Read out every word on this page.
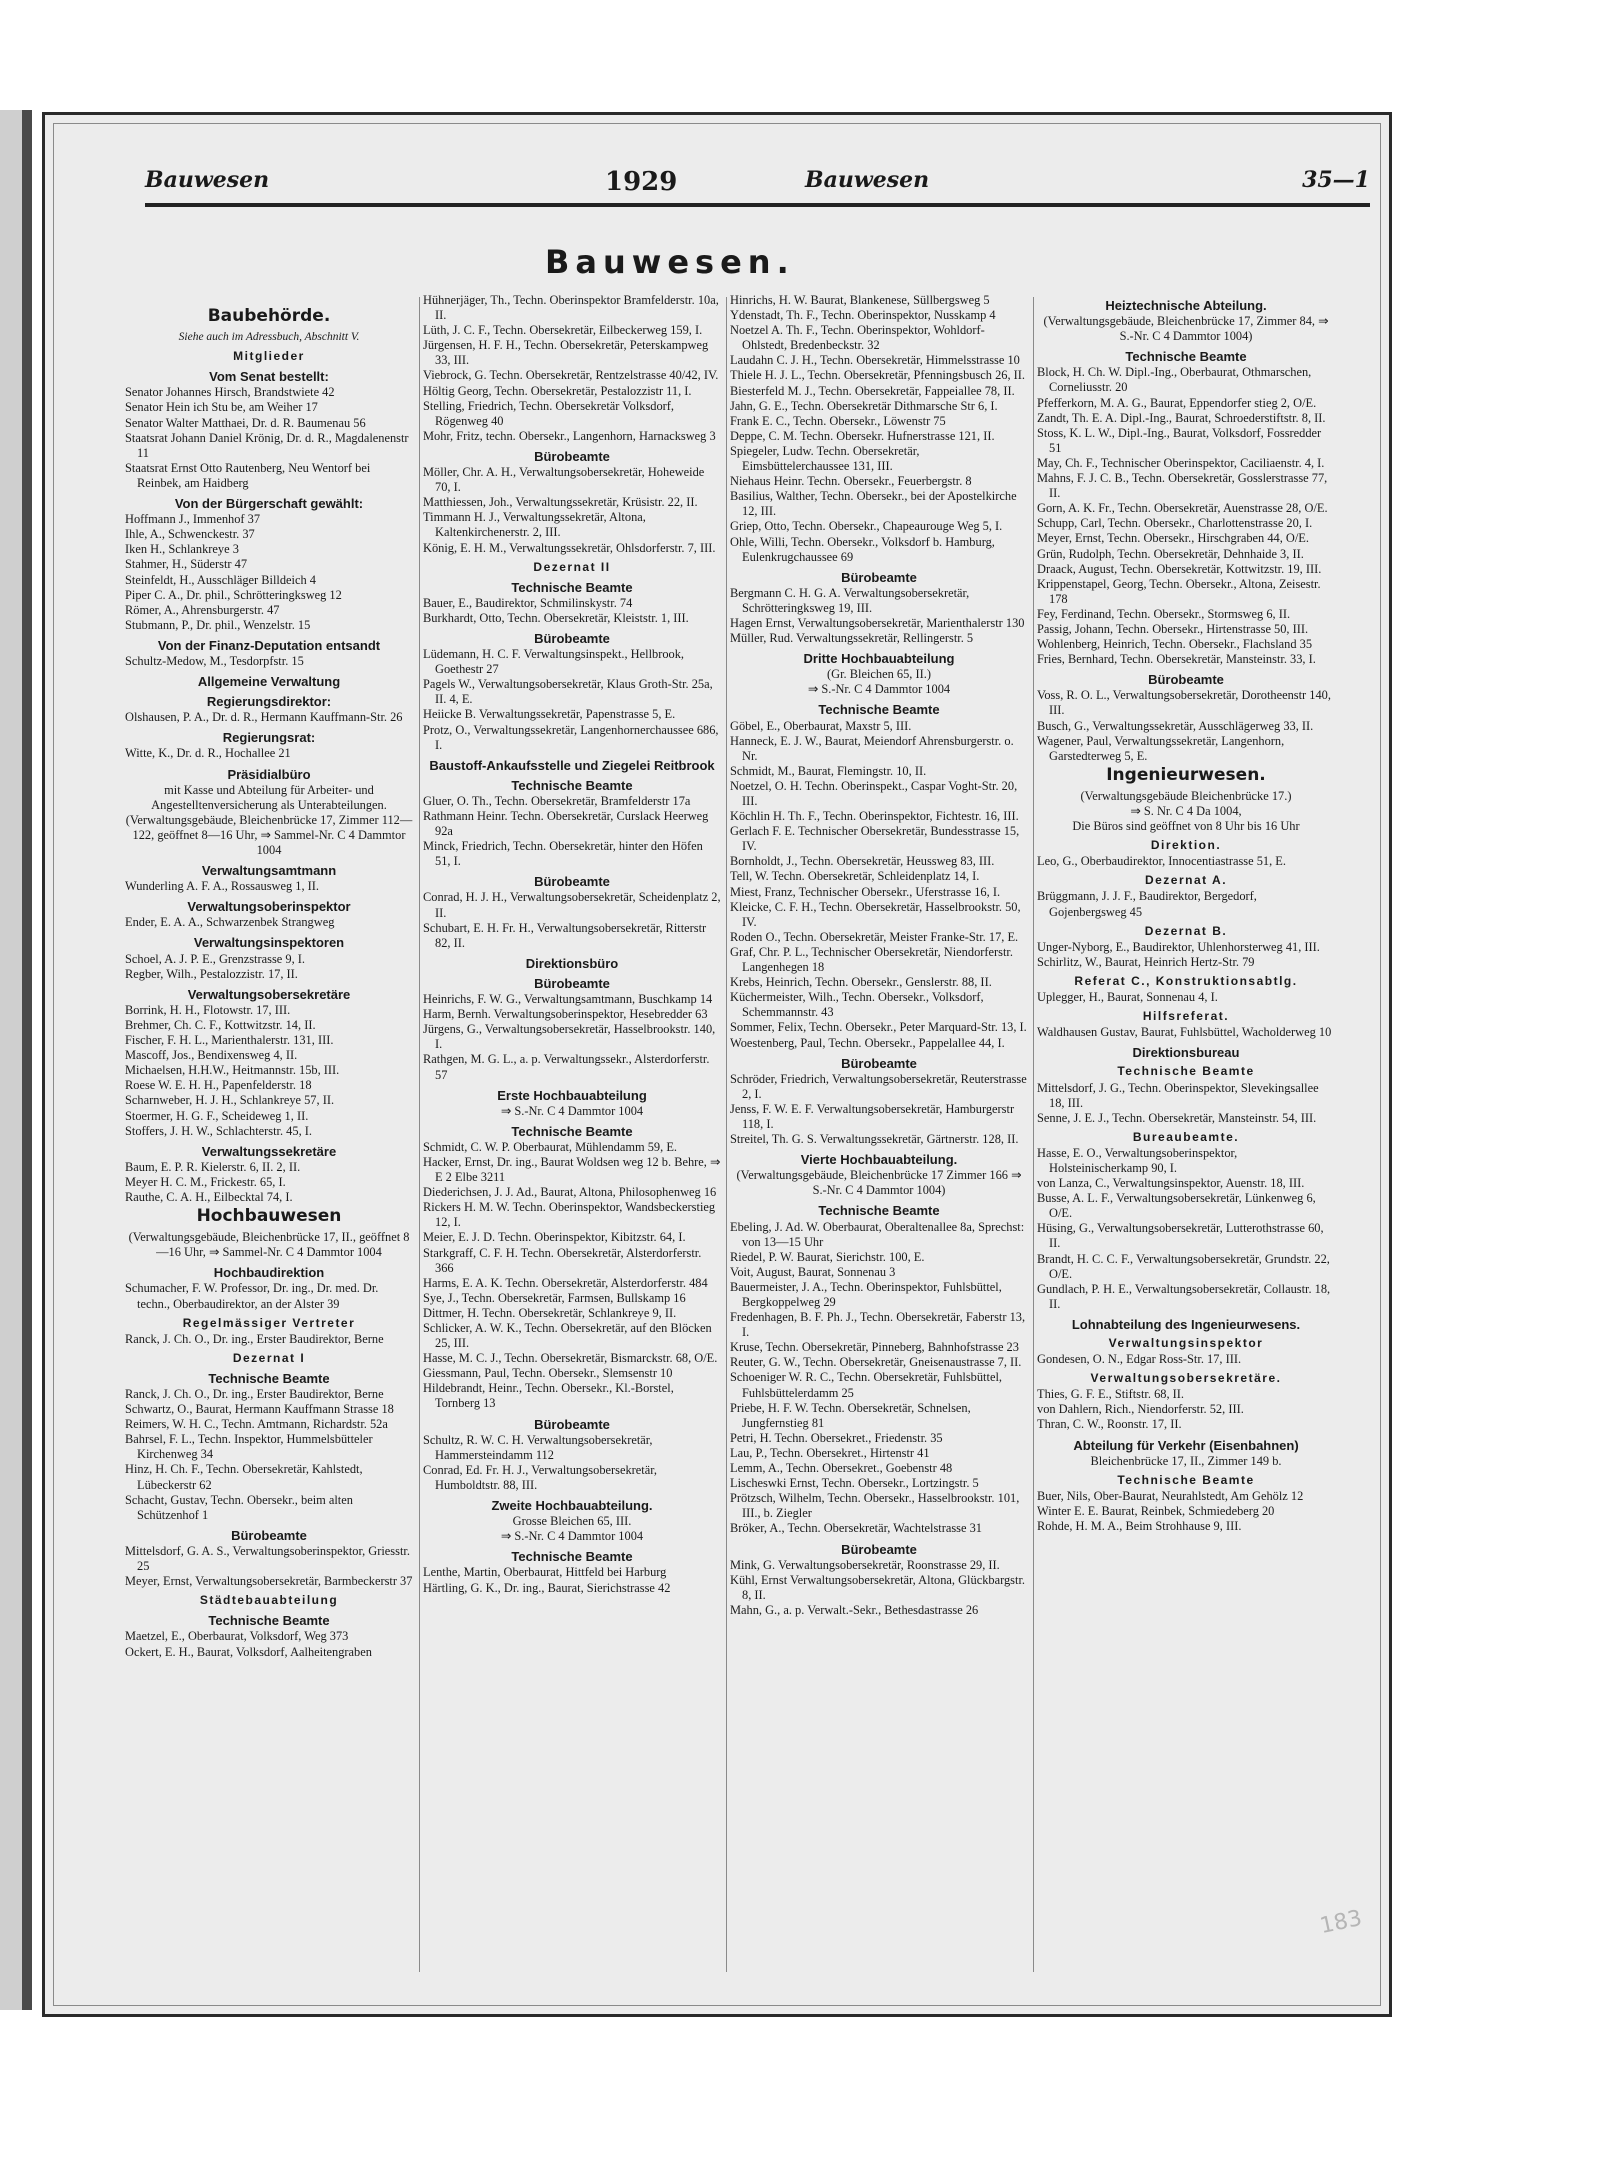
Bauwesen	1929	Bauwesen	35—1
Bauwesen.
Baubehörde.
Siehe auch im Adressbuch, Abschnitt V.
Mitglieder
Vom Senat bestellt:
Senator Johannes Hirsch, Brandstwiete 42
Senator Hein ich Stu be, am Weiher 17
Senator Walter Matthaei, Dr. d. R. Baumenau 56
Staatsrat Johann Daniel Krönig, Dr. d. R., Magdalenenstr 11
Staatsrat Ernst Otto Rautenberg, Neu Wentorf bei Reinbek, am Haidberg
Von der Bürgerschaft gewählt:
Hoffmann J., Immenhof 37
Ihle, A., Schwenckestr. 37
Iken H., Schlankreye 3
Stahmer, H., Süderstr 47
Steinfeldt, H., Ausschläger Billdeich 4
Piper C. A., Dr. phil., Schrötteringksweg 12
Römer, A., Ahrensburgerstr. 47
Stubmann, P., Dr. phil., Wenzelstr. 15
Von der Finanz-Deputation entsandt
Schultz-Medow, M., Tesdorpfstr. 15
Allgemeine Verwaltung
Regierungsdirektor:
Olshausen, P. A., Dr. d. R., Hermann Kauffmann-Str. 26
Regierungsrat:
Witte, K., Dr. d. R., Hochallee 21
Präsidialbüro
mit Kasse und Abteilung für Arbeiter- und Angestelltenversicherung als Unterabteilungen.
(Verwaltungsgebäude, Bleichenbrücke 17, Zimmer 112—122, geöffnet 8—16 Uhr, ⇒ Sammel-Nr. C 4 Dammtor 1004
Verwaltungsamtmann
Wunderling A. F. A., Rossausweg 1, II.
Verwaltungsoberinspektor
Ender, E. A. A., Schwarzenbek Strangweg
Verwaltungsinspektoren
Schoel, A. J. P. E., Grenzstrasse 9, I.
Regber, Wilh., Pestalozzistr. 17, II.
Verwaltungsobersekretäre
Borrink, H. H., Flotowstr. 17, III.
Brehmer, Ch. C. F., Kottwitzstr. 14, II.
Fischer, F. H. L., Marienthalerstr. 131, III.
Mascoff, Jos., Bendixensweg 4, II.
Michaelsen, H.H.W., Heitmannstr. 15b, III.
Roese W. E. H. H., Papenfelderstr. 18
Scharnweber, H. J. H., Schlankreye 57, II.
Stoermer, H. G. F., Scheideweg 1, II.
Stoffers, J. H. W., Schlachterstr. 45, I.
Verwaltungssekretäre
Baum, E. P. R. Kielerstr. 6, II. 2, II.
Meyer H. C. M., Frickestr. 65, I.
Rauthe, C. A. H., Eilbecktal 74, I.
Hochbauwesen
(Verwaltungsgebäude, Bleichenbrücke 17, II., geöffnet 8—16 Uhr, ⇒ Sammel-Nr. C 4 Dammtor 1004
Hochbaudirektion
Schumacher, F. W. Professor, Dr. ing., Dr. med. Dr. techn., Oberbaudirektor, an der Alster 39
Regelmässiger Vertreter
Ranck, J. Ch. O., Dr. ing., Erster Baudirektor, Berne
Dezernat I
Technische Beamte
Ranck, J. Ch. O., Dr. ing., Erster Baudirektor, Berne
Schwartz, O., Baurat, Hermann Kauffmann Strasse 18
Reimers, W. H. C., Techn. Amtmann, Richardstr. 52a
Bahrsel, F. L., Techn. Inspektor, Hummelsbütteler Kirchenweg 34
Hinz, H. Ch. F., Techn. Obersekretär, Kahlstedt, Lübeckerstr 62
Schacht, Gustav, Techn. Obersekr., beim alten Schützenhof 1
Bürobeamte
Mittelsdorf, G. A. S., Verwaltungsoberinspektor, Griesstr. 25
Meyer, Ernst, Verwaltungsobersekretär, Barmbeckerstr 37
Städtebauabteilung
Technische Beamte
Maetzel, E., Oberbaurat, Volksdorf, Weg 373
Ockert, E. H., Baurat, Volksdorf, Aalheitengraben
Hühnerjäger, Th., Techn. Oberinspektor Bramfelderstr. 10a, II.
Lüth, J. C. F., Techn. Obersekretär, Eilbeckerweg 159, I.
Jürgensen, H. F. H., Techn. Obersekretär, Peterskampweg 33, III.
Viebrock, G. Techn. Obersekretär, Rentzelstrasse 40/42, IV.
Höltig Georg, Techn. Obersekretär, Pestalozzistr 11, I.
Stelling, Friedrich, Techn. Obersekretär Volksdorf, Rögenweg 40
Mohr, Fritz, techn. Obersekr., Langenhorn, Harnacksweg 3
Bürobeamte
Möller, Chr. A. H., Verwaltungsobersekretär, Hoheweide 70, I.
Matthiessen, Joh., Verwaltungssekretär, Krüsistr. 22, II.
Timmann H. J., Verwaltungssekretär, Altona, Kaltenkirchenerstr. 2, III.
König, E. H. M., Verwaltungssekretär, Ohlsdorferstr. 7, III.
Dezernat II
Technische Beamte
Bauer, E., Baudirektor, Schmilinskystr. 74
Burkhardt, Otto, Techn. Obersekretär, Kleiststr. 1, III.
Bürobeamte
Lüdemann, H. C. F. Verwaltungsinspekt., Hellbrook, Goethestr 27
Pagels W., Verwaltungsobersekretär, Klaus Groth-Str. 25a, II. 4, E.
Heiicke B. Verwaltungssekretär, Papenstrasse 5, E.
Protz, O., Verwaltungssekretär, Langenhornerchaussee 686, I.
Baustoff-Ankaufsstelle und Ziegelei Reitbrook
Technische Beamte
Gluer, O. Th., Techn. Obersekretär, Bramfelderstr 17a
Rathmann Heinr. Techn. Obersekretär, Curslack Heerweg 92a
Minck, Friedrich, Techn. Obersekretär, hinter den Höfen 51, I.
Bürobeamte
Conrad, H. J. H., Verwaltungsobersekretär, Scheidenplatz 2, II.
Schubart, E. H. Fr. H., Verwaltungsobersekretär, Ritterstr 82, II.
Direktionsbüro
Bürobeamte
Heinrichs, F. W. G., Verwaltungsamtmann, Buschkamp 14
Harm, Bernh. Verwaltungsoberinspektor, Hesebredder 63
Jürgens, G., Verwaltungsobersekretär, Hasselbrookstr. 140, I.
Rathgen, M. G. L., a. p. Verwaltungssekr., Alsterdorferstr. 57
Erste Hochbauabteilung
⇒ S.-Nr. C 4 Dammtor 1004
Technische Beamte
Schmidt, C. W. P. Oberbaurat, Mühlendamm 59, E.
Hacker, Ernst, Dr. ing., Baurat Woldsen weg 12 b. Behre, ⇒ E 2 Elbe 3211
Diederichsen, J. J. Ad., Baurat, Altona, Philosophenweg 16
Rickers H. M. W. Techn. Oberinspektor, Wandsbeckerstieg 12, I.
Meier, E. J. D. Techn. Oberinspektor, Kibitzstr. 64, I.
Starkgraff, C. F. H. Techn. Obersekretär, Alsterdorferstr. 366
Harms, E. A. K. Techn. Obersekretär, Alsterdorferstr. 484
Sye, J., Techn. Obersekretär, Farmsen, Bullskamp 16
Dittmer, H. Techn. Obersekretär, Schlankreye 9, II.
Schlicker, A. W. K., Techn. Obersekretär, auf den Blöcken 25, III.
Hasse, M. C. J., Techn. Obersekretär, Bismarckstr. 68, O/E.
Giessmann, Paul, Techn. Obersekr., Slemsenstr 10
Hildebrandt, Heinr., Techn. Obersekr., Kl.-Borstel, Tornberg 13
Bürobeamte
Schultz, R. W. C. H. Verwaltungsobersekretär, Hammersteindamm 112
Conrad, Ed. Fr. H. J., Verwaltungsobersekretär, Humboldtstr. 88, III.
Zweite Hochbauabteilung.
Grosse Bleichen 65, III.
⇒ S.-Nr. C 4 Dammtor 1004
Technische Beamte
Lenthe, Martin, Oberbaurat, Hittfeld bei Harburg
Härtling, G. K., Dr. ing., Baurat, Sierichstrasse 42
Hinrichs, H. W. Baurat, Blankenese, Süllbergsweg 5
Ydenstadt, Th. F., Techn. Oberinspektor, Nusskamp 4
Noetzel A. Th. F., Techn. Oberinspektor, Wohldorf-Ohlstedt, Bredenbeckstr. 32
Laudahn C. J. H., Techn. Obersekretär, Himmelsstrasse 10
Thiele H. J. L., Techn. Obersekretär, Pfenningsbusch 26, II.
Biesterfeld M. J., Techn. Obersekretär, Fappeiallee 78, II.
Jahn, G. E., Techn. Obersekretär Dithmarsche Str 6, I.
Frank E. C., Techn. Obersekr., Löwenstr 75
Deppe, C. M. Techn. Obersekr. Hufnerstrasse 121, II.
Spiegeler, Ludw. Techn. Obersekretär, Eimsbüttelerchaussee 131, III.
Niehaus Heinr. Techn. Obersekr., Feuerbergstr. 8
Basilius, Walther, Techn. Obersekr., bei der Apostelkirche 12, III.
Griep, Otto, Techn. Obersekr., Chapeaurouge Weg 5, I.
Ohle, Willi, Techn. Obersekr., Volksdorf b. Hamburg, Eulenkrugchaussee 69
Bürobeamte
Bergmann C. H. G. A. Verwaltungsobersekretär, Schrötteringksweg 19, III.
Hagen Ernst, Verwaltungsobersekretär, Marienthalerstr 130
Müller, Rud. Verwaltungssekretär, Rellingerstr. 5
Dritte Hochbauabteilung
(Gr. Bleichen 65, II.)
⇒ S.-Nr. C 4 Dammtor 1004
Technische Beamte
Göbel, E., Oberbaurat, Maxstr 5, III.
Hanneck, E. J. W., Baurat, Meiendorf Ahrensburgerstr. o. Nr.
Schmidt, M., Baurat, Flemingstr. 10, II.
Noetzel, O. H. Techn. Oberinspekt., Caspar Voght-Str. 20, III.
Köchlin H. Th. F., Techn. Oberinspektor, Fichtestr. 16, III.
Gerlach F. E. Technischer Obersekretär, Bundesstrasse 15, IV.
Bornholdt, J., Techn. Obersekretär, Heussweg 83, III.
Tell, W. Techn. Obersekretär, Schleidenplatz 14, I.
Miest, Franz, Technischer Obersekr., Uferstrasse 16, I.
Kleicke, C. F. H., Techn. Obersekretär, Hasselbrookstr. 50, IV.
Roden O., Techn. Obersekretär, Meister Franke-Str. 17, E.
Graf, Chr. P. L., Technischer Obersekretär, Niendorferstr. Langenhegen 18
Krebs, Heinrich, Techn. Obersekr., Genslerstr. 88, II.
Küchermeister, Wilh., Techn. Obersekr., Volksdorf, Schemmannstr. 43
Sommer, Felix, Techn. Obersekr., Peter Marquard-Str. 13, I.
Woestenberg, Paul, Techn. Obersekr., Pappelallee 44, I.
Bürobeamte
Schröder, Friedrich, Verwaltungsobersekretär, Reuterstrasse 2, I.
Jenss, F. W. E. F. Verwaltungsobersekretär, Hamburgerstr 118, I.
Streitel, Th. G. S. Verwaltungssekretär, Gärtnerstr. 128, II.
Vierte Hochbauabteilung.
(Verwaltungsgebäude, Bleichenbrücke 17 Zimmer 166 ⇒ S.-Nr. C 4 Dammtor 1004)
Technische Beamte
Ebeling, J. Ad. W. Oberbaurat, Oberaltenallee 8a, Sprechst: von 13—15 Uhr
Riedel, P. W. Baurat, Sierichstr. 100, E.
Voit, August, Baurat, Sonnenau 3
Bauermeister, J. A., Techn. Oberinspektor, Fuhlsbüttel, Bergkoppelweg 29
Fredenhagen, B. F. Ph. J., Techn. Obersekretär, Faberstr 13, I.
Kruse, Techn. Obersekretär, Pinneberg, Bahnhofstrasse 23
Reuter, G. W., Techn. Obersekretär, Gneisenaustrasse 7, II.
Schoeniger W. R. C., Techn. Obersekretär, Fuhlsbüttel, Fuhlsbüttelerdamm 25
Priebe, H. F. W. Techn. Obersekretär, Schnelsen, Jungfernstieg 81
Petri, H. Techn. Obersekret., Friedenstr. 35
Lau, P., Techn. Obersekret., Hirtenstr 41
Lemm, A., Techn. Obersekret., Goebenstr 48
Lischeswki Ernst, Techn. Obersekr., Lortzingstr. 5
Prötzsch, Wilhelm, Techn. Obersekr., Hasselbrookstr. 101, III., b. Ziegler
Bröker, A., Techn. Obersekretär, Wachtelstrasse 31
Bürobeamte
Mink, G. Verwaltungsobersekretär, Roonstrasse 29, II.
Kühl, Ernst Verwaltungsobersekretär, Altona, Glückbargstr. 8, II.
Mahn, G., a. p. Verwalt.-Sekr., Bethesdastrasse 26
Heiztechnische Abteilung.
(Verwaltungsgebäude, Bleichenbrücke 17, Zimmer 84, ⇒ S.-Nr. C 4 Dammtor 1004)
Technische Beamte
Block, H. Ch. W. Dipl.-Ing., Oberbaurat, Othmarschen, Corneliusstr. 20
Pfefferkorn, M. A. G., Baurat, Eppendorfer stieg 2, O/E.
Zandt, Th. E. A. Dipl.-Ing., Baurat, Schroederstiftstr. 8, II.
Stoss, K. L. W., Dipl.-Ing., Baurat, Volksdorf, Fossredder 51
May, Ch. F., Technischer Oberinspektor, Caciliaenstr. 4, I.
Mahns, F. J. C. B., Techn. Obersekretär, Gosslerstrasse 77, II.
Gorn, A. K. Fr., Techn. Obersekretär, Auenstrasse 28, O/E.
Schupp, Carl, Techn. Obersekr., Charlottenstrasse 20, I.
Meyer, Ernst, Techn. Obersekr., Hirschgraben 44, O/E.
Grün, Rudolph, Techn. Obersekretär, Dehnhaide 3, II.
Draack, August, Techn. Obersekretär, Kottwitzstr. 19, III.
Krippenstapel, Georg, Techn. Obersekr., Altona, Zeisestr. 178
Fey, Ferdinand, Techn. Obersekr., Stormsweg 6, II.
Passig, Johann, Techn. Obersekr., Hirtenstrasse 50, III.
Wohlenberg, Heinrich, Techn. Obersekr., Flachsland 35
Fries, Bernhard, Techn. Obersekretär, Mansteinstr. 33, I.
Bürobeamte
Voss, R. O. L., Verwaltungsobersekretär, Dorotheenstr 140, III.
Busch, G., Verwaltungssekretär, Ausschlägerweg 33, II.
Wagener, Paul, Verwaltungssekretär, Langenhorn, Garstedterweg 5, E.
Ingenieurwesen.
(Verwaltungsgebäude Bleichenbrücke 17.)
⇒ S. Nr. C 4 Da 1004,
Die Büros sind geöffnet von 8 Uhr bis 16 Uhr
Direktion.
Leo, G., Oberbaudirektor, Innocentiastrasse 51, E.
Dezernat A.
Brüggmann, J. J. F., Baudirektor, Bergedorf, Gojenbergsweg 45
Dezernat B.
Unger-Nyborg, E., Baudirektor, Uhlenhorsterweg 41, III.
Schirlitz, W., Baurat, Heinrich Hertz-Str. 79
Referat C., Konstruktionsabtlg.
Uplegger, H., Baurat, Sonnenau 4, I.
Hilfsreferat.
Waldhausen Gustav, Baurat, Fuhlsbüttel, Wacholderweg 10
Direktionsbureau
Technische Beamte
Mittelsdorf, J. G., Techn. Oberinspektor, Slevekingsallee 18, III.
Senne, J. E. J., Techn. Obersekretär, Mansteinstr. 54, III.
Bureaubeamte.
Hasse, E. O., Verwaltungsoberinspektor, Holsteinischerkamp 90, I.
von Lanza, C., Verwaltungsinspektor, Auenstr. 18, III.
Busse, A. L. F., Verwaltungsobersekretär, Lünkenweg 6, O/E.
Hüsing, G., Verwaltungsobersekretär, Lutterothstrasse 60, II.
Brandt, H. C. C. F., Verwaltungsobersekretär, Grundstr. 22, O/E.
Gundlach, P. H. E., Verwaltungsobersekretär, Collaustr. 18, II.
Lohnabteilung des Ingenieurwesens.
Verwaltungsinspektor
Gondesen, O. N., Edgar Ross-Str. 17, III.
Verwaltungsobersekretäre.
Thies, G. F. E., Stiftstr. 68, II.
von Dahlern, Rich., Niendorferstr. 52, III.
Thran, C. W., Roonstr. 17, II.
Abteilung für Verkehr (Eisenbahnen)
Bleichenbrücke 17, II., Zimmer 149 b.
Technische Beamte
Buer, Nils, Ober-Baurat, Neurahlstedt, Am Gehölz 12
Winter E. E. Baurat, Reinbek, Schmiedeberg 20
Rohde, H. M. A., Beim Strohhause 9, III.
183
